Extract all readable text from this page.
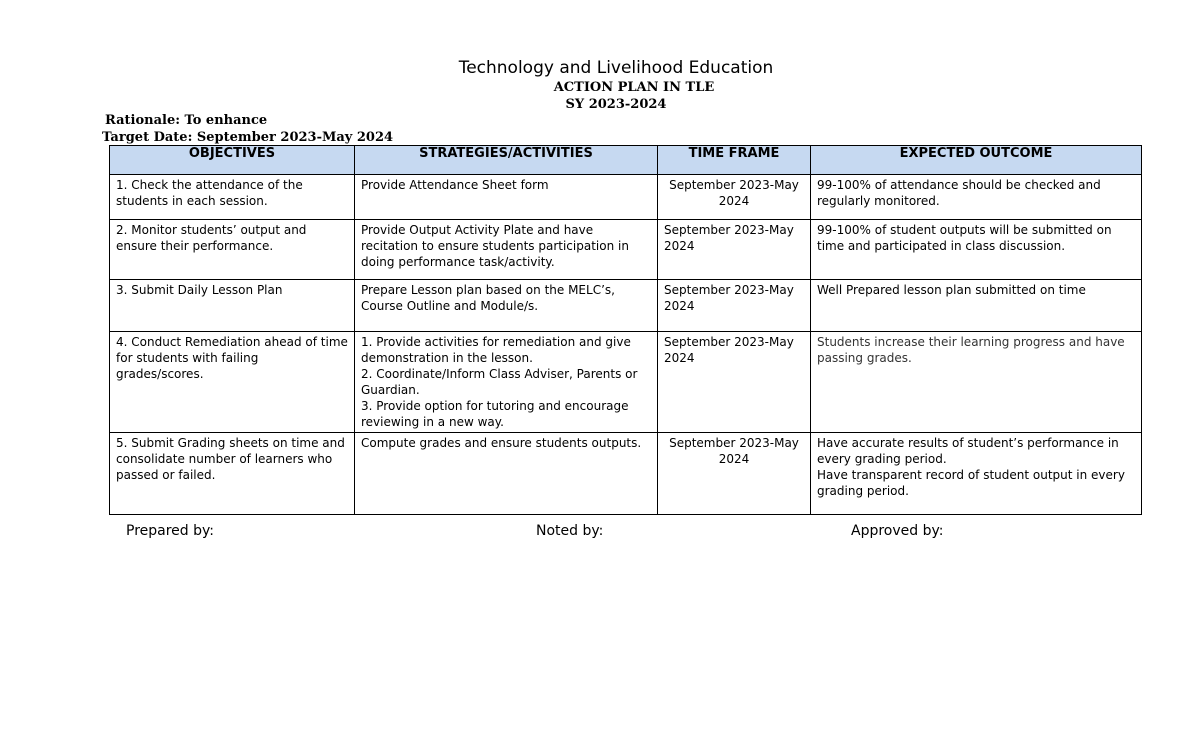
Technology and Livelihood Education
ACTION PLAN IN TLE
SY 2023-2024
Rationale: To enhance
Target Date: September 2023-May 2024
OBJECTIVES	STRATEGIES/ACTIVITIES	TIME FRAME	EXPECTED OUTCOME
1. Check the attendance of the students in each session.	Provide Attendance Sheet form	September 2023-May 2024	99-100% of attendance should be checked and regularly monitored.
2. Monitor students’ output and ensure their performance.	Provide Output Activity Plate and have recitation to ensure students participation in doing performance task/activity.	September 2023-May 2024	99-100% of student outputs will be submitted on time and participated in class discussion.
3. Submit Daily Lesson Plan	Prepare Lesson plan based on the MELC’s, Course Outline and Module/s.	September 2023-May 2024	Well Prepared lesson plan submitted on time
4. Conduct Remediation ahead of time for students with failing grades/scores.	1. Provide activities for remediation and give demonstration in the lesson.
2. Coordinate/Inform Class Adviser, Parents or Guardian.
3. Provide option for tutoring and encourage reviewing in a new way.	September 2023-May 2024	Students increase their learning progress and have passing grades.
5. Submit Grading sheets on time and consolidate number of learners who passed or failed.	Compute grades and ensure students outputs.	September 2023-May 2024	Have accurate results of student’s performance in every grading period.
Have transparent record of student output in every grading period.
Prepared by:	Noted by:	Approved by:
